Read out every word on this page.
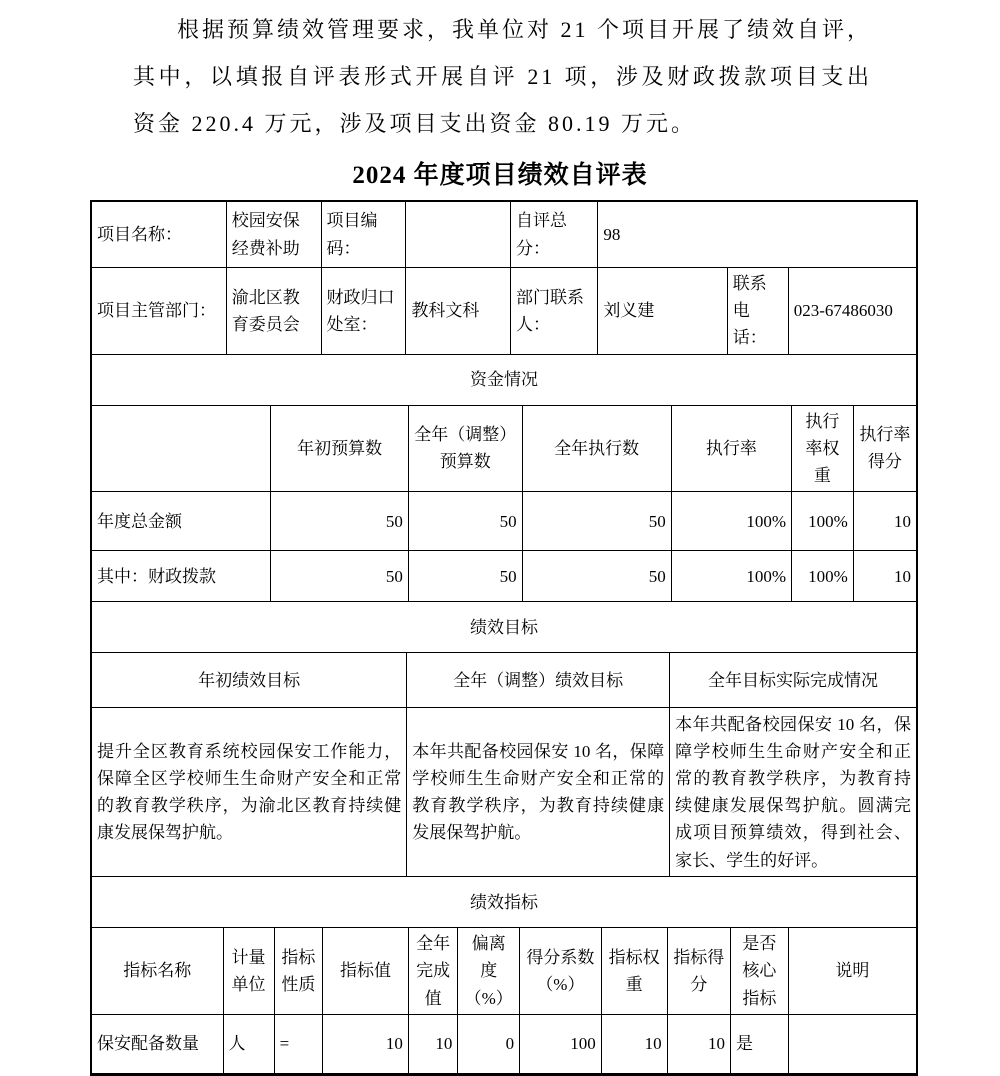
根据预算绩效管理要求，我单位对 21 个项目开展了绩效自评，其中，以填报自评表形式开展自评 21 项，涉及财政拨款项目支出资金 220.4 万元，涉及项目支出资金 80.19 万元。

2024 年度项目绩效自评表
项目名称：	校园安保经费补助	项目编码：		自评总分：	98		
项目主管部门：	渝北区教育委员会	财政归口处室：	教科文科	部门联系人：	刘义建	联系电话：	023-67486030
资金情况
	年初预算数	全年（调整）预算数	全年执行数	执行率	执行率权重	执行率得分
年度总金额	50	50	50	100%	100%	10
其中：财政拨款	50	50	50	100%	100%	10
绩效目标
年初绩效目标	全年（调整）绩效目标	全年目标实际完成情况
提升全区教育系统校园保安工作能力，保障全区学校师生生命财产安全和正常的教育教学秩序，为渝北区教育持续健康发展保驾护航。	本年共配备校园保安 10 名，保障学校师生生命财产安全和正常的教育教学秩序，为教育持续健康发展保驾护航。	本年共配备校园保安 10 名，保障学校师生生命财产安全和正常的教育教学秩序，为教育持续健康发展保驾护航。圆满完成项目预算绩效，得到社会、家长、学生的好评。
绩效指标
指标名称	计量单位	指标性质	指标值	全年完成值	偏离度（%）	得分系数（%）	指标权重	指标得分	是否核心指标	说明
保安配备数量	人	=	10	10	0	100	10	10	是	
